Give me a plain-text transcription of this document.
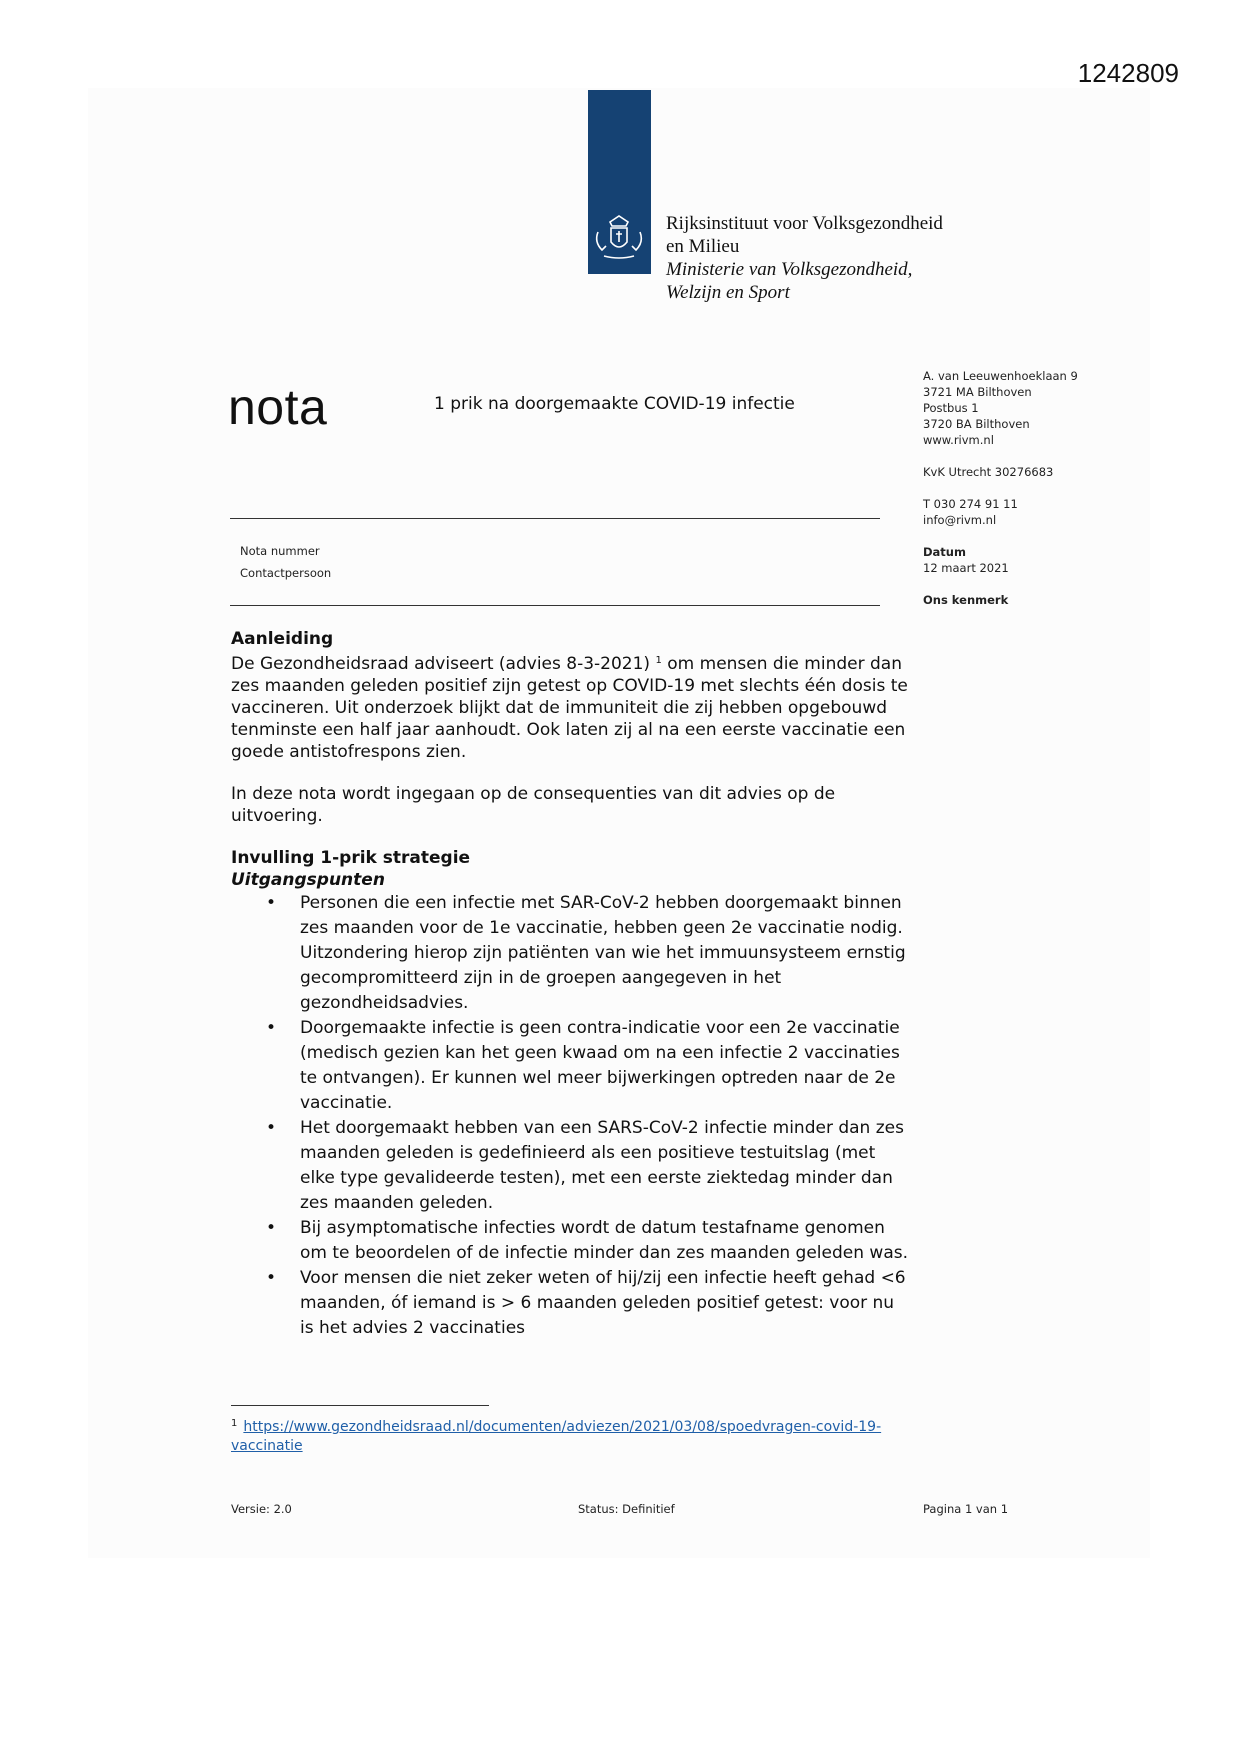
1242809
Rijksinstituut voor Volksgezondheid
en Milieu
Ministerie van Volksgezondheid,
Welzijn en Sport
nota	1 prik na doorgemaakte COVID-19 infectie
A. van Leeuwenhoeklaan 9
3721 MA Bilthoven
Postbus 1
3720 BA Bilthoven
www.rivm.nl
KvK Utrecht 30276683
T 030 274 91 11
info@rivm.nl
Datum
12 maart 2021
Ons kenmerk
Nota nummer
Contactpersoon
Aanleiding

De Gezondheidsraad adviseert (advies 8-3-2021) $^1$ om mensen die minder dan zes maanden geleden positief zijn getest op COVID-19 met slechts één dosis te vaccineren. Uit onderzoek blijkt dat de immuniteit die zij hebben opgebouwd tenminste een half jaar aanhoudt. Ook laten zij al na een eerste vaccinatie een goede antistofrespons zien.

In deze nota wordt ingegaan op de consequenties van dit advies op de uitvoering.

Invulling 1-prik strategie
Uitgangspunten
• Personen die een infectie met SAR-CoV-2 hebben doorgemaakt binnen zes maanden voor de 1e vaccinatie, hebben geen 2e vaccinatie nodig. Uitzondering hierop zijn patiënten van wie het immuunsysteem ernstig gecompromitteerd zijn in de groepen aangegeven in het gezondheidsadvies.
• Doorgemaakte infectie is geen contra-indicatie voor een 2e vaccinatie (medisch gezien kan het geen kwaad om na een infectie 2 vaccinaties te ontvangen). Er kunnen wel meer bijwerkingen optreden naar de 2e vaccinatie.
• Het doorgemaakt hebben van een SARS-CoV-2 infectie minder dan zes maanden geleden is gedefinieerd als een positieve testuitslag (met elke type gevalideerde testen), met een eerste ziektedag minder dan zes maanden geleden.
• Bij asymptomatische infecties wordt de datum testafname genomen om te beoordelen of de infectie minder dan zes maanden geleden was.
• Voor mensen die niet zeker weten of hij/zij een infectie heeft gehad <6 maanden, óf iemand is > 6 maanden geleden positief getest: voor nu is het advies 2 vaccinaties
$^1$ https://www.gezondheidsraad.nl/documenten/adviezen/2021/03/08/spoedvragen-covid-19-vaccinatie
Versie: 2.0	Status: Definitief	Pagina 1 van 1
